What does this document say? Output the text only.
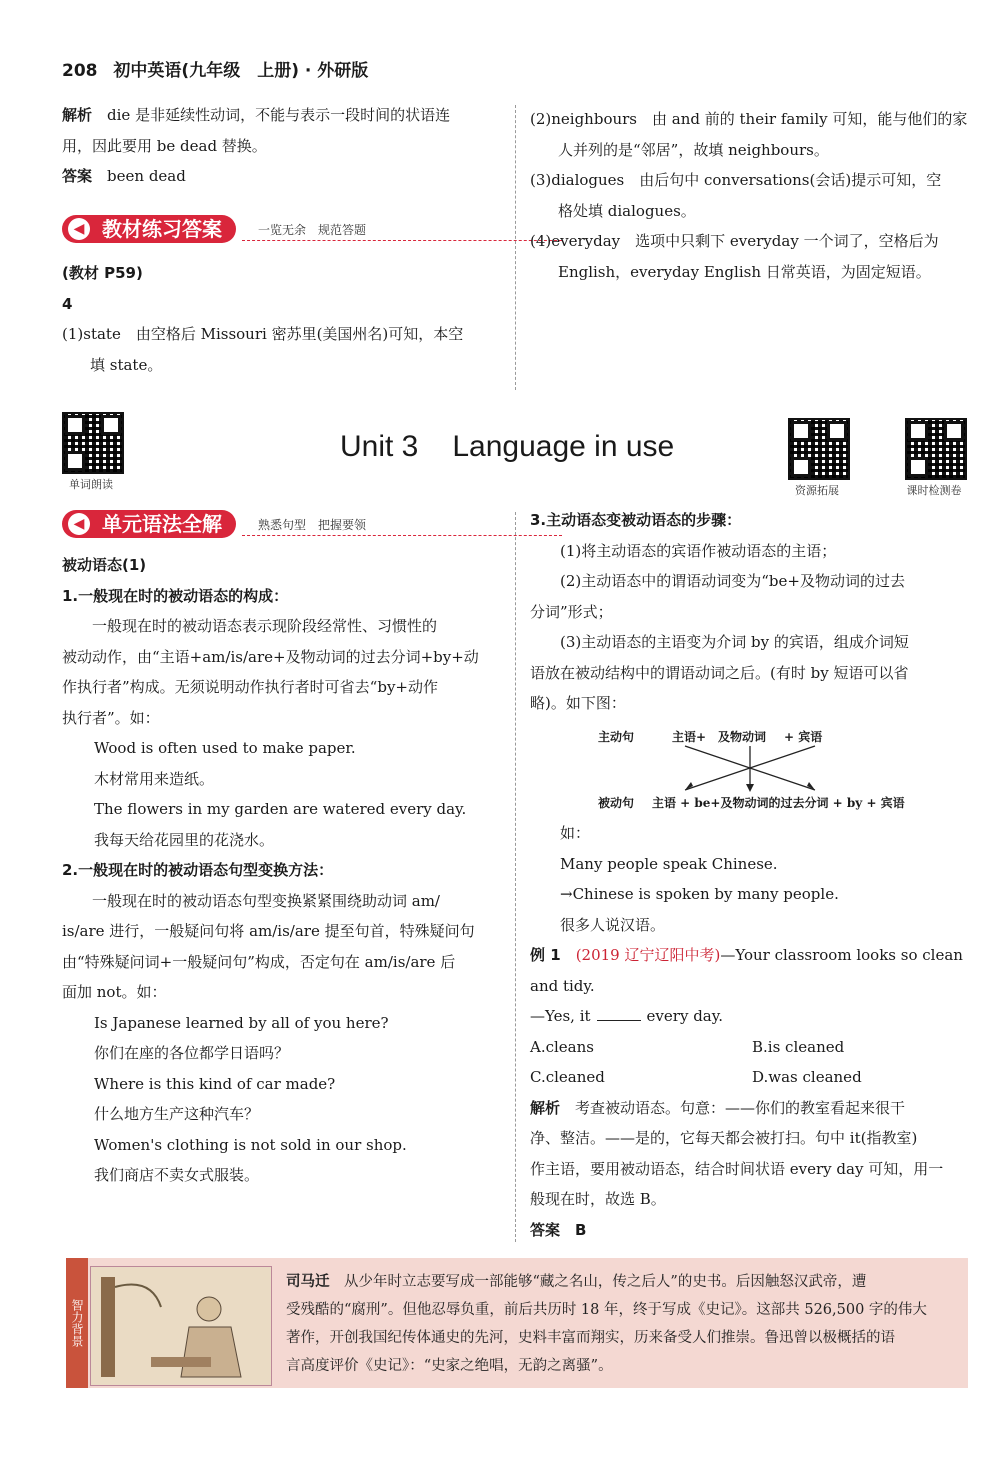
208 初中英语(九年级　上册) · 外研版

解析　 die 是非延续性动词，不能与表示一段时间的状语连

用，因此要用 be dead 替换。

答案　 been dead

◀ 教材练习答案	一览无余　规范答题

(教材 P59)

4

(1)state　由空格后 Missouri 密苏里(美国州名)可知，本空

填 state。

(2)neighbours　由 and 前的 their family 可知，能与他们的家

人并列的是“邻居”，故填 neighbours。

(3)dialogues　由后句中 conversations(会话)提示可知，空

格处填 dialogues。

(4)everyday　选项中只剩下 everyday 一个词了，空格后为

English，everyday English 日常英语，为固定短语。

单词朗读	资源拓展	课时检测卷
Unit 3 Language in use
◀ 单元语法全解	熟悉句型　把握要领

被动语态(1)

1.一般现在时的被动语态的构成：

一般现在时的被动语态表示现阶段经常性、习惯性的

被动动作，由“主语+am/is/are+及物动词的过去分词+by+动

作执行者”构成。无须说明动作执行者时可省去“by+动作

执行者”。如：

Wood is often used to make paper.

木材常用来造纸。

The flowers in my garden are watered every day.

我每天给花园里的花浇水。

2.一般现在时的被动语态句型变换方法：

一般现在时的被动语态句型变换紧紧围绕助动词 am/

is/are 进行，一般疑问句将 am/is/are 提至句首，特殊疑问句

由“特殊疑问词+一般疑问句”构成，否定句在 am/is/are 后

面加 not。如：

Is Japanese learned by all of you here?

你们在座的各位都学日语吗？

Where is this kind of car made?

什么地方生产这种汽车？

Women's clothing is not sold in our shop.

我们商店不卖女式服装。

3.主动语态变被动语态的步骤：

(1)将主动语态的宾语作被动语态的主语；

(2)主动语态中的谓语动词变为“be+及物动词的过去

分词”形式；

(3)主动语态的主语变为介词 by 的宾语，组成介词短

语放在被动结构中的谓语动词之后。(有时 by 短语可以省

略)。如下图：

主动句	主语+ 及物动词 + 宾语
被动句 主语 + be+及物动词的过去分词 + by + 宾语

如：

Many people speak Chinese.

→Chinese is spoken by many people.

很多人说汉语。

例 1　 (2019 辽宁辽阳中考)—Your classroom looks so clean

and tidy.

—Yes, it	every day.

A.cleans	B.is cleaned

C.cleaned	D.was cleaned

解析　 考查被动语态。句意：——你们的教室看起来很干

净、整洁。——是的，它每天都会被打扫。句中 it(指教室)

作主语，要用被动语态，结合时间状语 every day 可知，用一

般现在时，故选 B。

答案　 B

智力背景
司马迁　 从少年时立志要写成一部能够“藏之名山，传之后人”的史书。后因触怒汉武帝，遭
受残酷的“腐刑”。但他忍辱负重，前后共历时 18 年，终于写成《史记》。这部共 526,500 字的伟大
著作，开创我国纪传体通史的先河，史料丰富而翔实，历来备受人们推崇。鲁迅曾以极概括的语
言高度评价《史记》：“史家之绝唱，无韵之离骚”。
